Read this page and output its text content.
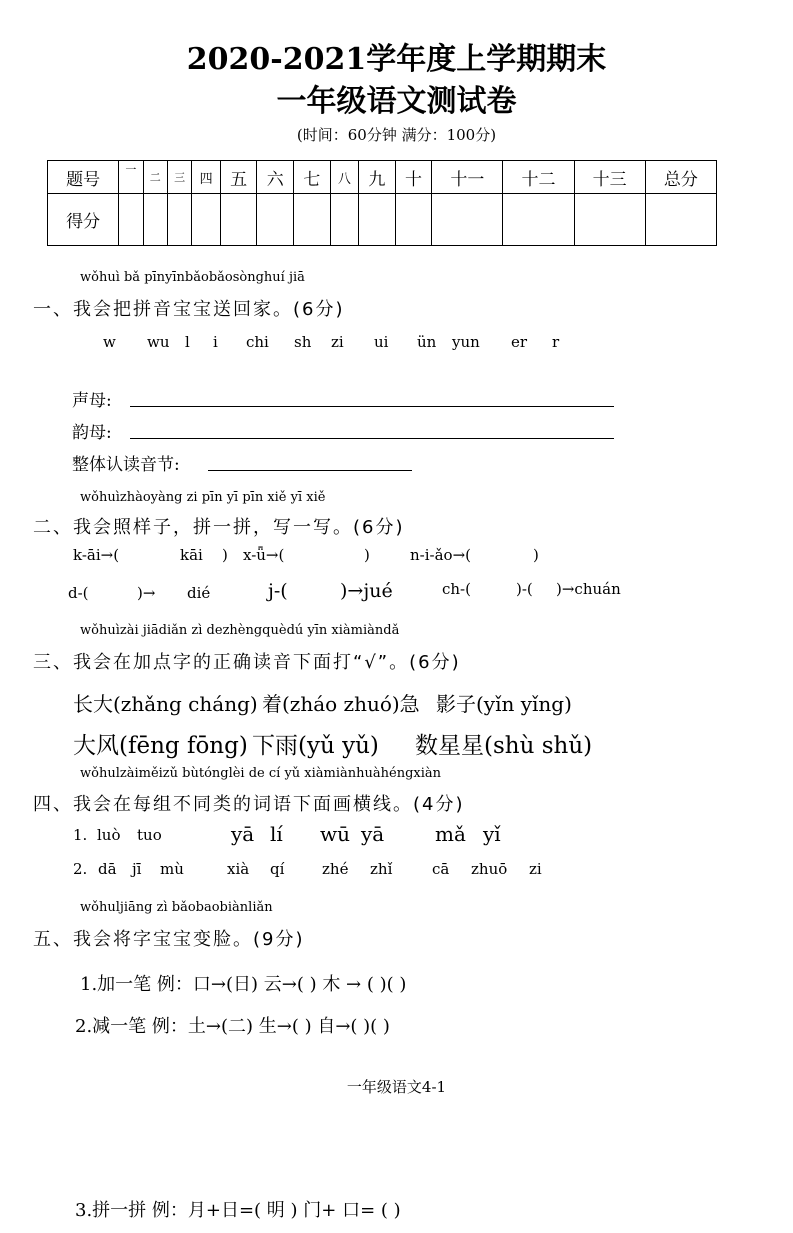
2020-2021学年度上学期期末
一年级语文测试卷
(时间：60分钟 满分：100分)
题号	一	二	三	四	五	六	七	八	九	十	十一	十二	十三	总分
得分														
wǒhuì bǎ pīnyīnbǎobǎosònghuí jiā
一、我会把拼音宝宝送回家。(6分)
w wu l i chi sh zi ui ün yun er r
声母:
韵母:
整体认读音节:
wǒhuìzhàoyàng zi pīn yī pīn xiě yī xiě
二、我会照样子，拼一拼，写一写。(6分)
k-āi→(	kāi ) x-ǖ→(	)	n-i-ǎo→(	)
d-(	)→ dié	j-(	)→jué	ch-(	)-( )→chuán
wǒhuìzài jiādiǎn zì dezhèngquèdú yīn xiàmiàndǎ
三、我会在加点字的正确读音下面打“√”。(6分)
长大(zhǎng cháng) 着(zháo zhuó)急 影子(yǐn yǐng)
大风(fēng fōng) 下雨(yǔ yǔ) 数星星(shù shǔ)
wǒhulzàiměizǔ bùtónglèi de cí yǔ xiàmiànhuàhéngxiàn
四、我会在每组不同类的词语下面画横线。(4分)
1. luò tuo	yā lí wū yā	mǎ yǐ
2. dā jī mù	xià qí	zhé zhǐ	cā zhuō zi
wǒhuljiāng zì bǎobaobiànliǎn
五、我会将字宝宝变脸。(9分)
1.加一笔 例：口→(日) 云→( ) 木 → ( )( )
2.减一笔 例：土→(二) 生→( ) 自→( )( )
一年级语文4-1
3.拼一拼 例：月+日=( 明 ) 门+ 口= ( )
